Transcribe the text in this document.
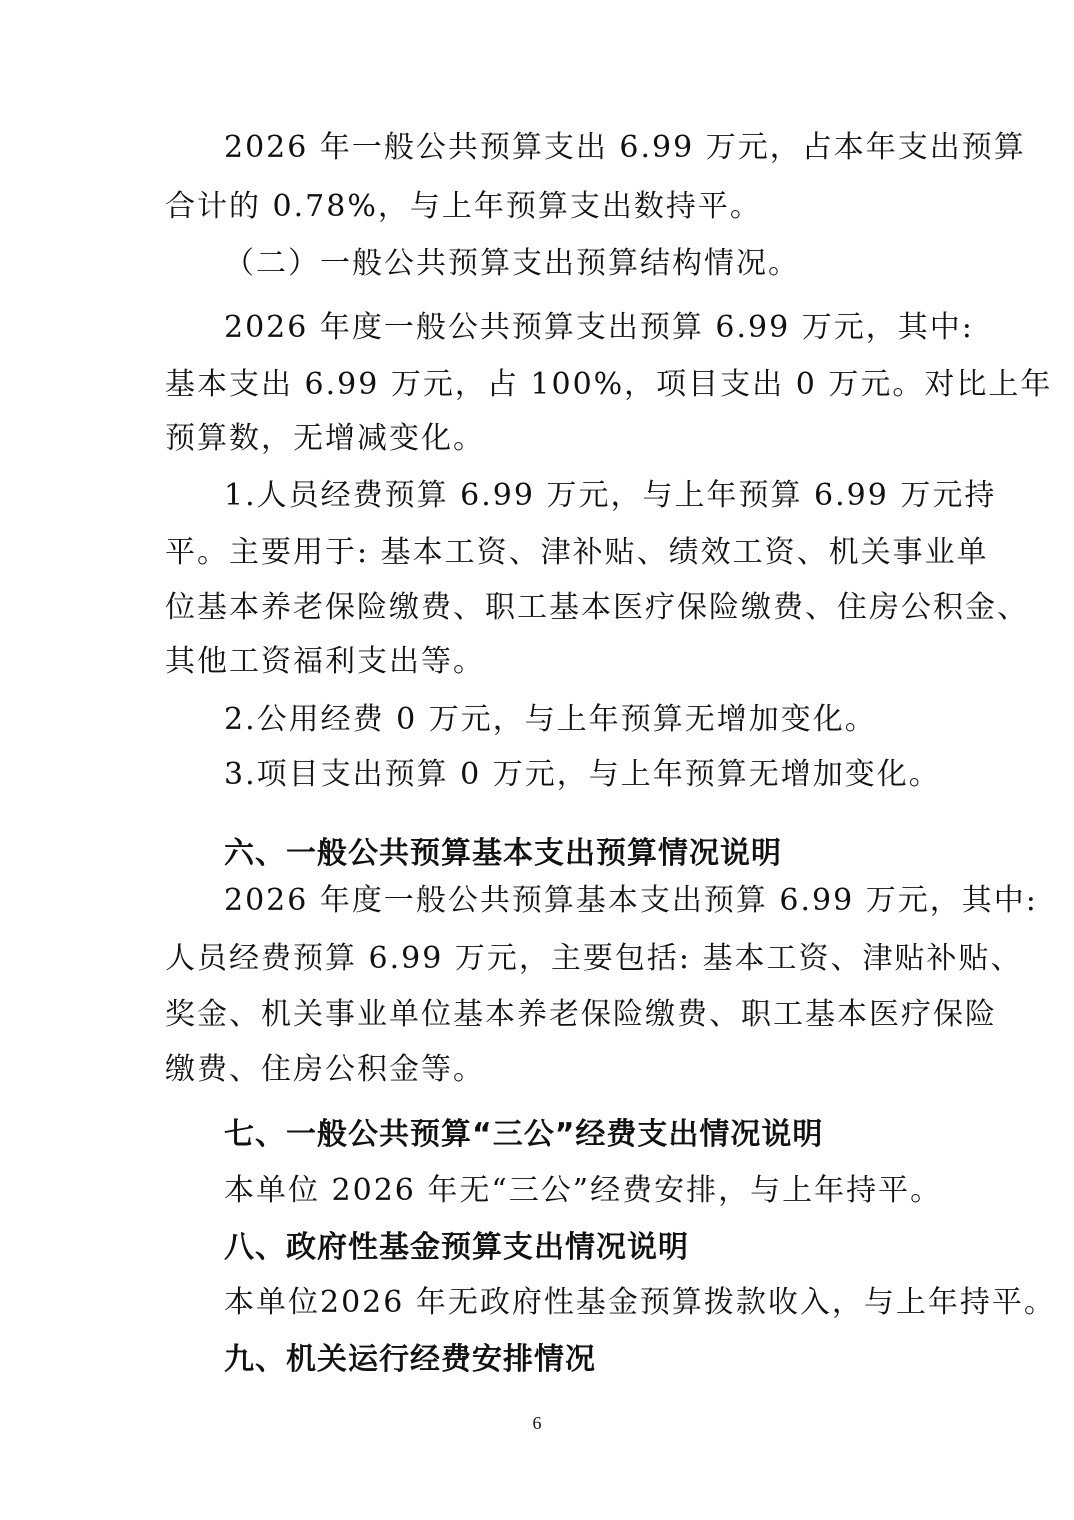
2026 年一般公共预算支出 6.99 万元，占本年支出预算
合计的 0.78%，与上年预算支出数持平。
（二）一般公共预算支出预算结构情况。
2026 年度一般公共预算支出预算 6.99 万元，其中:
基本支出 6.99 万元，占 100%，项目支出 0 万元。对比上年
预算数，无增减变化。
1.人员经费预算 6.99 万元，与上年预算 6.99 万元持
平。主要用于: 基本工资、津补贴、绩效工资、机关事业单
位基本养老保险缴费、职工基本医疗保险缴费、住房公积金、
其他工资福利支出等。
2.公用经费 0 万元，与上年预算无增加变化。
3.项目支出预算 0 万元，与上年预算无增加变化。
六、一般公共预算基本支出预算情况说明
2026 年度一般公共预算基本支出预算 6.99 万元，其中:
人员经费预算 6.99 万元，主要包括: 基本工资、津贴补贴、
奖金、机关事业单位基本养老保险缴费、职工基本医疗保险
缴费、住房公积金等。
七、一般公共预算“三公”经费支出情况说明
本单位 2026 年无“三公”经费安排，与上年持平。
八、政府性基金预算支出情况说明
本单位2026 年无政府性基金预算拨款收入，与上年持平。
九、机关运行经费安排情况
6
